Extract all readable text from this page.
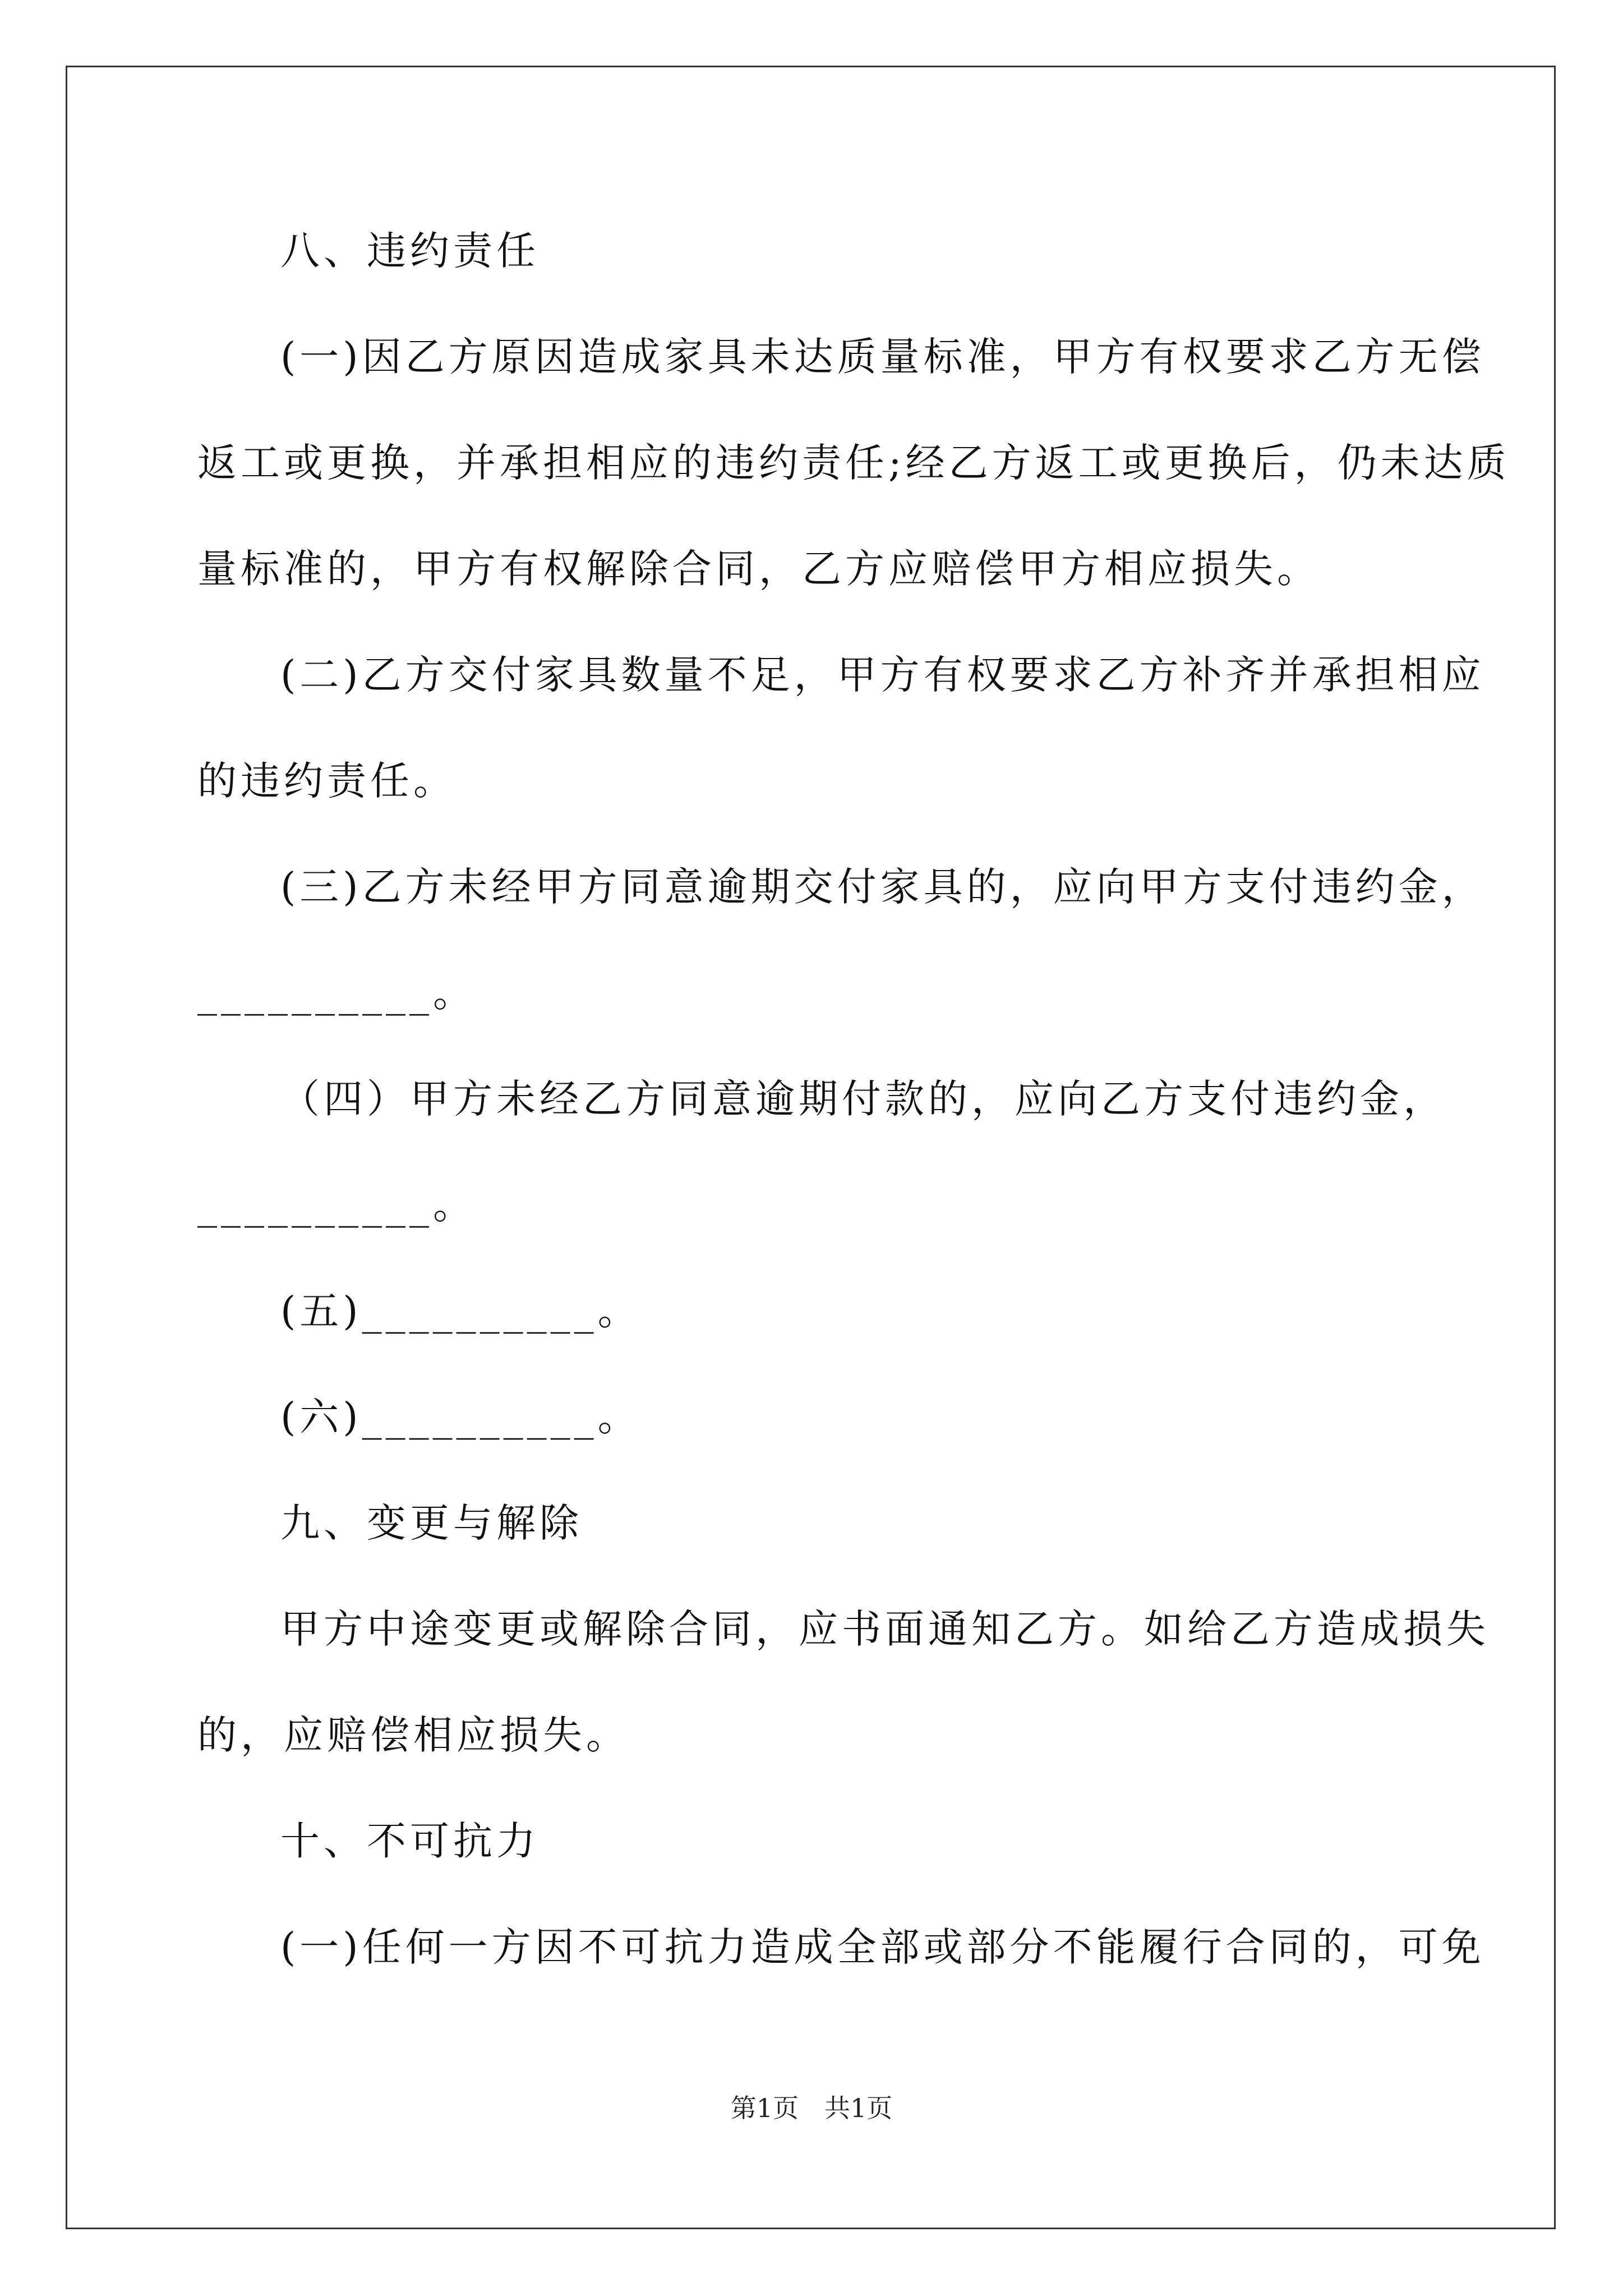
八、违约责任
(一)因乙方原因造成家具未达质量标准，甲方有权要求乙方无偿
返工或更换，并承担相应的违约责任;经乙方返工或更换后，仍未达质
量标准的，甲方有权解除合同，乙方应赔偿甲方相应损失。
(二)乙方交付家具数量不足，甲方有权要求乙方补齐并承担相应
的违约责任。
(三)乙方未经甲方同意逾期交付家具的，应向甲方支付违约金，
__________。
（四）甲方未经乙方同意逾期付款的，应向乙方支付违约金，
__________。
(五)__________。
(六)__________。
九、变更与解除
甲方中途变更或解除合同，应书面通知乙方。如给乙方造成损失
的，应赔偿相应损失。
十、不可抗力
(一)任何一方因不可抗力造成全部或部分不能履行合同的，可免
第1页　共1页
